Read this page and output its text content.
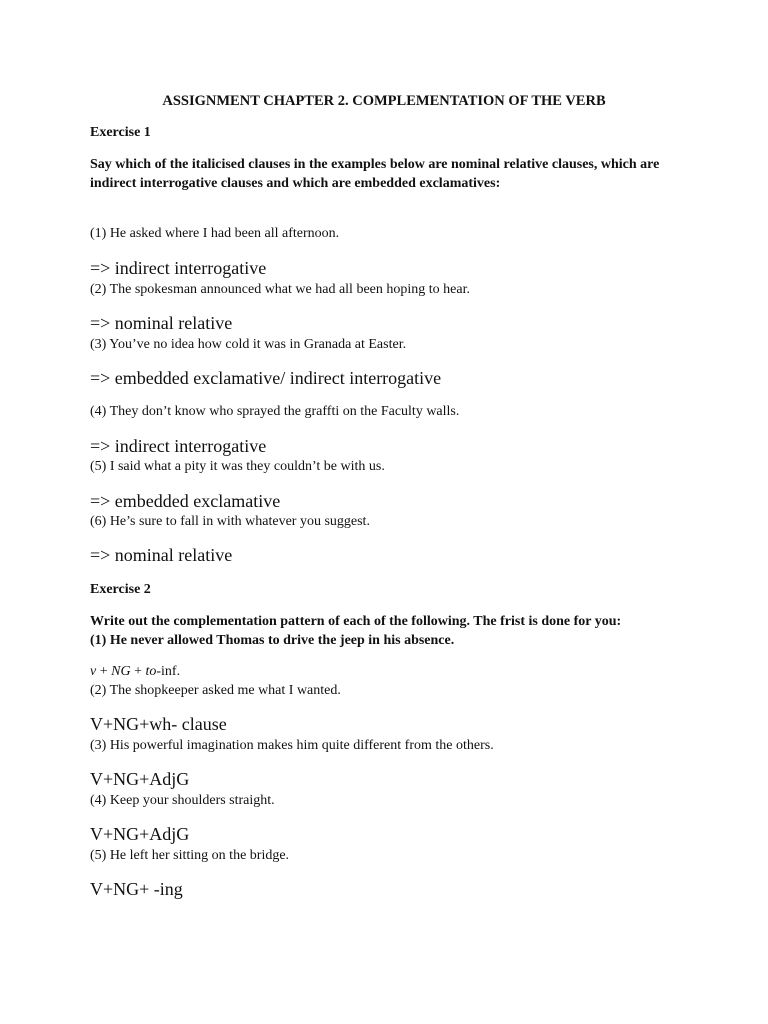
ASSIGNMENT CHAPTER 2. COMPLEMENTATION OF THE VERB

Exercise 1

Say which of the italicised clauses in the examples below are nominal relative clauses, which are

indirect interrogative clauses and which are embedded exclamatives:

(1) He asked where I had been all afternoon.

=> indirect interrogative

(2) The spokesman announced what we had all been hoping to hear.

=> nominal relative

(3) You’ve no idea how cold it was in Granada at Easter.

=> embedded exclamative/ indirect interrogative

(4) They don’t know who sprayed the graffti on the Faculty walls.

=> indirect interrogative

(5) I said what a pity it was they couldn’t be with us.

=> embedded exclamative

(6) He’s sure to fall in with whatever you suggest.

=> nominal relative

Exercise 2

Write out the complementation pattern of each of the following. The frist is done for you:

(1) He never allowed Thomas to drive the jeep in his absence.

v + NG + to-inf.

(2) The shopkeeper asked me what I wanted.

V+NG+wh- clause

(3) His powerful imagination makes him quite different from the others.

V+NG+AdjG

(4) Keep your shoulders straight.

V+NG+AdjG

(5) He left her sitting on the bridge.

V+NG+ -ing
